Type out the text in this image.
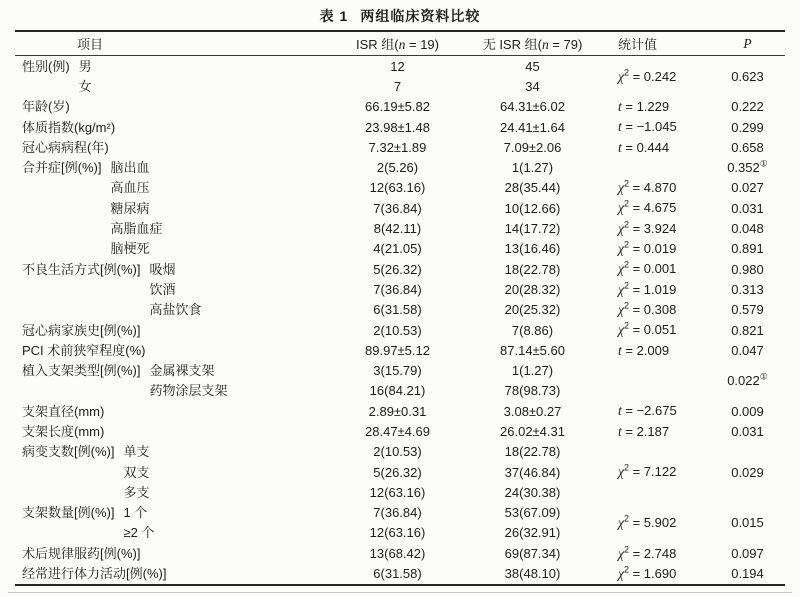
表 1 两组临床资料比较
项目	ISR 组(n = 19)	无 ISR 组(n = 79)	统计值	P
性别(例) 男	12	45	$\chi^2 = 0.242$	0.623
女	7	34		
年龄(岁)	66.19±5.82	64.31±6.02	t = 1.229	0.222
体质指数(kg/m²)	23.98±1.48	24.41±1.64	t = −1.045	0.299
冠心病病程(年)	7.32±1.89	7.09±2.06	t = 0.444	0.658
合并症[例(%)] 脑出血	2(5.26)	1(1.27)		0.352①
高血压	12(63.16)	28(35.44)	$\chi^2 = 4.870$	0.027
糖尿病	7(36.84)	10(12.66)	$\chi^2 = 4.675$	0.031
高脂血症	8(42.11)	14(17.72)	$\chi^2 = 3.924$	0.048
脑梗死	4(21.05)	13(16.46)	$\chi^2 = 0.019$	0.891
不良生活方式[例(%)] 吸烟	5(26.32)	18(22.78)	$\chi^2 = 0.001$	0.980
饮酒	7(36.84)	20(28.32)	$\chi^2 = 1.019$	0.313
高盐饮食	6(31.58)	20(25.32)	$\chi^2 = 0.308$	0.579
冠心病家族史[例(%)]	2(10.53)	7(8.86)	$\chi^2 = 0.051$	0.821
PCI 术前狭窄程度(%)	89.97±5.12	87.14±5.60	t = 2.009	0.047
植入支架类型[例(%)] 金属裸支架	3(15.79)	1(1.27)		0.022①
药物涂层支架	16(84.21)	78(98.73)		
支架直径(mm)	2.89±0.31	3.08±0.27	t = −2.675	0.009
支架长度(mm)	28.47±4.69	26.02±4.31	t = 2.187	0.031
病变支数[例(%)] 单支	2(10.53)	18(22.78)	$\chi^2 = 7.122$	0.029
双支	5(26.32)	37(46.84)		
多支	12(63.16)	24(30.38)		
支架数量[例(%)] 1 个	7(36.84)	53(67.09)	$\chi^2 = 5.902$	0.015
≥2 个	12(63.16)	26(32.91)		
术后规律服药[例(%)]	13(68.42)	69(87.34)	$\chi^2 = 2.748$	0.097
经常进行体力活动[例(%)]	6(31.58)	38(48.10)	$\chi^2 = 1.690$	0.194
